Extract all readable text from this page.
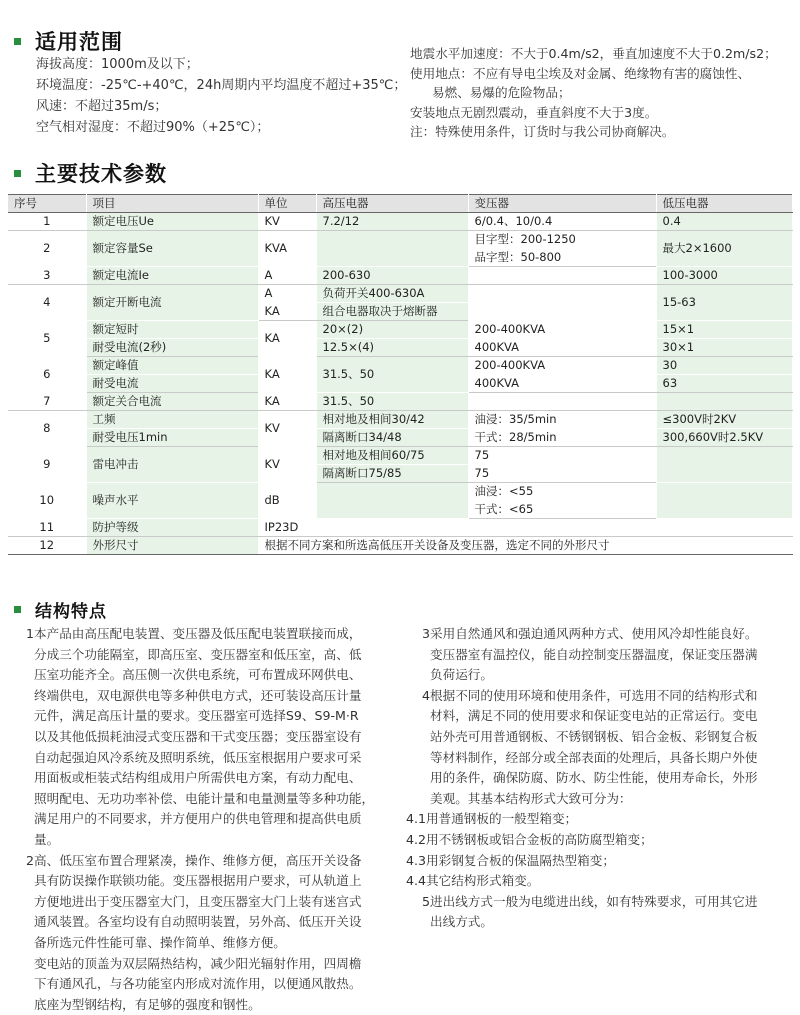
适用范围
海拔高度：1000m及以下；
环境温度：-25℃-+40℃，24h周期内平均温度不超过+35℃；
风速：不超过35m/s；
空气相对湿度：不超过90%（+25℃）；
地震水平加速度：不大于0.4m/s2，垂直加速度不大于0.2m/s2；
使用地点：不应有导电尘埃及对金属、绝缘物有害的腐蚀性、
易燃、易爆的危险物品；
安装地点无剧烈震动，垂直斜度不大于3度。
注：特殊使用条件，订货时与我公司协商解决。
主要技术参数
序号	项目	单位	高压电器	变压器	低压电器
1	额定电压Ue	KV	7.2/12	6/0.4、10/0.4	0.4
2	额定容量Se	KVA		目字型：200-1250	最大2×1600
				品字型：50-800	
3	额定电流Ie	A	200-630		100-3000
4	额定开断电流	A	负荷开关400-630A		15-63
		KA	组合电器取决于熔断器		
5	额定短时	KA	20×(2)	200-400KVA	15×1
	耐受电流(2秒)		12.5×(4)	400KVA	30×1
6	额定峰值	KA	31.5、50	200-400KVA	30
	耐受电流			400KVA	63
7	额定关合电流	KA	31.5、50		
8	工频	KV	相对地及相间30/42	油浸：35/5min	≤300V时2KV
	耐受电压1min		隔离断口34/48	干式：28/5min	300,660V时2.5KV
9	雷电冲击	KV	相对地及相间60/75	75	
			隔离断口75/85	75	
10	噪声水平	dB		油浸：<55	
				干式：<65	
11	防护等级	IP23D			
12	外形尺寸	根据不同方案和所选高低压开关设备及变压器，选定不同的外形尺寸			
结构特点

1本产品由高压配电装置、变压器及低压配电装置联接而成，

分成三个功能隔室，即高压室、变压器室和低压室，高、低

压室功能齐全。高压侧一次供电系统，可布置成环网供电、

终端供电，双电源供电等多种供电方式，还可装设高压计量

元件，满足高压计量的要求。变压器室可选择S9、S9-M·R

以及其他低损耗油浸式变压器和干式变压器；变压器室设有

自动起强迫风冷系统及照明系统，低压室根据用户要求可采

用面板或柜装式结构组成用户所需供电方案，有动力配电、

照明配电、无功功率补偿、电能计量和电量测量等多种功能，

满足用户的不同要求，并方便用户的供电管理和提高供电质

量。

2高、低压室布置合理紧凑，操作、维修方便，高压开关设备

具有防误操作联锁功能。变压器根据用户要求，可从轨道上

方便地进出于变压器室大门，且变压器室大门上装有迷宫式

通风装置。各室均设有自动照明装置，另外高、低压开关设

备所选元件性能可靠、操作简单、维修方便。

变电站的顶盖为双层隔热结构，减少阳光辐射作用，四周檐

下有通风孔，与各功能室内形成对流作用，以便通风散热。

底座为型钢结构，有足够的强度和钢性。

3采用自然通风和强迫通风两种方式、使用风冷却性能良好。

变压器室有温控仪，能自动控制变压器温度，保证变压器满

负荷运行。

4根据不同的使用环境和使用条件，可选用不同的结构形式和

材料，满足不同的使用要求和保证变电站的正常运行。变电

站外壳可用普通钢板、不锈钢钢板、铝合金板、彩钢复合板

等材料制作，经部分或全部表面的处理后，具备长期户外使

用的条件，确保防腐、防水、防尘性能，使用寿命长，外形

美观。其基本结构形式大致可分为：

4.1用普通钢板的一般型箱变；

4.2用不锈钢板或铝合金板的高防腐型箱变；

4.3用彩钢复合板的保温隔热型箱变；

4.4其它结构形式箱变。

5进出线方式一般为电缆进出线，如有特殊要求，可用其它进

出线方式。
